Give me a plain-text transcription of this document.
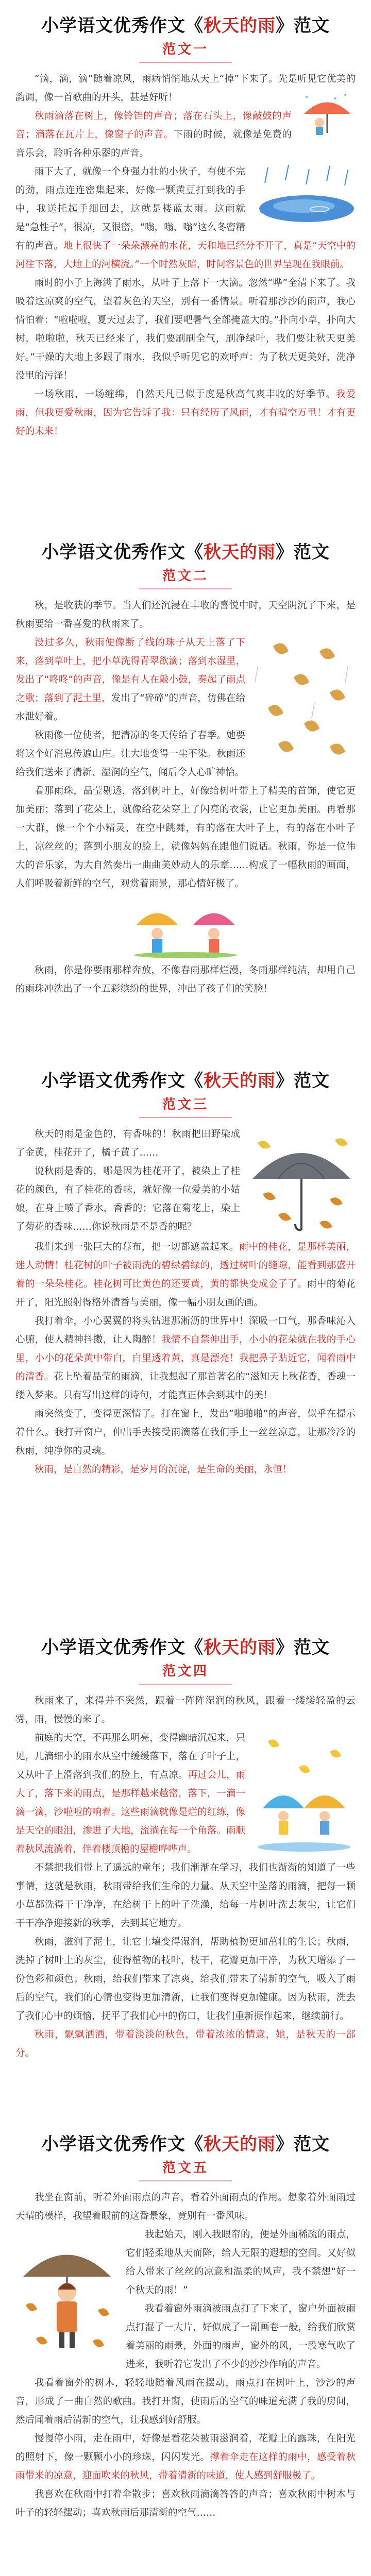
小学语文优秀作文《秋天的雨》范文
范文一
“滴，滴，滴”随着凉风，雨病悄悄地从天上“掉”下来了。先是听见它优美的韵调，像一首歌曲的开头，甚是好听！
秋雨滴落在树上，像铃铛的声音；落在石头上，像敲鼓的声音；滴落在瓦片上，像窗子的声音。下雨的时候，就像是免费的音乐会，聆听各种乐器的声音。
雨下大了，就像一个身强力壮的小伙子，有使不完的劲，雨点连连密集起来，好像一颗黄豆打到我的手中，我送托起手细回去，这就是楼蓝太雨。这雨就是“急性子”，很凉，又很密，“嗡，嗡，嗡”这么冬密精有的声音。地上很快了一朵朵漂亮的水花，天和地已经分不开了，真是“天空中的河往下落，大地上的河横流。”一个时然灰暗，时间容景色的世界呈现在我眼前。
雨时的小子上海满了雨水，从叶子上落下一大滴。忽然“哗”全清下来了。我吸着这凉爽的空气，望着灰色的天空，别有一番情景。听着那沙沙的雨声，我心情怕着：“啦啦啦，夏天过去了，我们要吧暑气全部掩盖大的。”扑向小草，扑向大树，啦啦啦，秋天已经来了，我们要刷刷全气，刷净绿叶，我们要让秋天更美好。”干燥的大地上多跟了雨水，我似乎听见它的欢呼声：为了秋天更美好，洗净没里的污泽！
一场秋雨，一场缠绵，自然天凡已似于度是秋高气爽丰收的好季节。我爱雨，但我更爱秋雨，因为它告诉了我：只有经历了风雨，才有晴空万里！才有更好的未来！
✦
小学语文优秀作文《秋天的雨》范文
范文二
秋，是收获的季节。当人们还沉浸在丰收的喜悦中时，天空阴沉了下来，是秋雨要给一番喜爱的秋雨来了。
没过多久，秋雨便像断了线的珠子从天上落了下来，落到草叶上，把小草洗得青翠欲滴；落到水湿里，发出了“咚咚”的声音，像是有人在敲小鼓，奏起了雨点之歌；落到了泥土里，发出了“碎碎”的声音，仿佛在给水泄好着。
秋雨像一位使者，把清凉的冬天传给了春季。她要将这个好消息传遍山庄。让大地变得一尘不染。秋雨还给我们送来了清新、湿润的空气，闻后令人心旷神怡。
看那雨珠，晶莹剔透，落到树叶上，好像给树叶带上了精美的首饰，使它更加美丽；落到了花朵上，就像给花朵穿上了闪亮的衣裳，让它更加美丽。再看那一大群，像一个个小精灵，在空中跳舞，有的落在大叶子上，有的落在小叶子上，凉丝丝的；落到小朋友的脸上，就像妈妈在跟他们说话。秋雨，你是一位伟大的音乐家，为大自然奏出一曲曲美妙动人的乐章……构成了一幅秋雨的画面，人们呼吸着新鲜的空气，观赏着雨景，那心情好极了。
秋雨，你是你要雨那样奔放，不像春雨那样烂漫，冬雨那样纯洁，却用自己的雨珠冲洗出了一个五彩缤纷的世界，冲出了孩子们的笑脸！
小学语文优秀作文《秋天的雨》范文
范文三
秋天的雨是金色的，有香味的！秋雨把田野染成了金黄，桂花开了，橘子黄了……
说秋雨是香的，哪是因为桂花开了，被染上了桂花的颜色，有了桂花的香味，就好像一位爱美的小姑娘，在身上喷了香水，香香的；它落在菊花上，染上了菊花的香味……你说秋雨是不是香的呢？
我们来到一张巨大的暮布，把一切都遮盖起来。雨中的桂花，是那样美丽，迷人动情！桂花树的叶子被雨洗的碧绿碧绿的，透过树叶的缝隙，能看到那盛开着的一朵朵桂花。桂花树可比黄色的还要黄，黄的都快变成金子了。雨中的菊花开了，阳光照射得格外清香与美丽，像一幅小朋友画的画。
我打着伞，小心翼翼的将头钻进那淅沥的世界中！深吸一口气，那香味沁入心腑，使人精神抖擞，让人陶醉！我情不自禁伸出手，小小的花朵就在我的手心里，小小的花朵黄中带白，白里透着黄，真是漂亮！我把鼻子贴近它，闻着雨中的清香。花上坠着晶莹的雨滴，让我想起了那首著名的“滋知天上秋花香，香魂一缕入梦来。只有写出这样的诗句，才能真正体会到其中的美！
雨突然变了，变得更深情了。打在窗上，发出“啪啪啪”的声音，似乎在提示着什么。我打开窗户，伸出手去接受雨滴落在我们手上一丝丝凉意，让那冷冷的秋雨，纯净你的灵魂。
秋雨，是自然的精彩，是岁月的沉淀，是生命的美丽，永恒！
✦
小学语文优秀作文《秋天的雨》范文
范文四
秋雨来了，来得并不突然，跟着一阵阵湿润的秋风，跟着一缕缕轻盈的云雾，雨，慢慢的来了。
前庭的天空，不再那么明亮，变得幽暗沉起来，只见，几滴细小的雨水从空中缓缓落下，落在了叶子上，又从叶子上滑落到我们的脸上，有点凉。再过会儿，雨大了，落下来的雨点，是那样越来越密，落下，一滴一滴一滴，沙啦啦的响着。这些雨滴就像是烂的红练，像是天空的眼泪，渗进了大地，流淌在每一个角落。雨顺着秋风流淌着，伴着楼顶檐的屋檐哗哗声。
不禁把我们带上了遥远的童年；我们渐渐在学习，我们也渐渐的知道了一些事情，这就是秋雨，秋雨带给我们生命的力量。从天空中坠落的雨滴，把每一颗小草都洗得干干净净，在给树干上的叶子洗澡，给每一片树叶洗去灰尘，让它们干干净净迎接新的秋季，去到其它地方。
秋雨，滋润了泥土，让它土壤变得湿润，帮助植物更加茁壮的生长；秋雨，洗掉了树叶上的灰尘，使得植物的枝叶，枝干，花瓣更加干净，为秋天增添了一份色彩和颜色；秋雨，给我们带来了凉爽，给我们带来了清新的空气，吸入了雨后的空气，我们的心情也变得更加清新，让我们变得更加健康。因为秋雨，洗去了我们心中的烦恼，抚平了我们心中的伤口，让我们重新振作起来，继续前行。
秋雨，飘飘洒洒，带着淡淡的秋色，带着浓浓的情意，她，是秋天的一部分。
小学语文优秀作文《秋天的雨》范文
范文五
我坐在窗前，听着外面雨点的声音，看着外面雨点的作用。想象着外面雨过天晴的模样，我望着眼前的这番景象，竟别有一番风味。
我起始天，刚入我眼帘的，便是外面稀疏的雨点，它们轻柔地从天而降，给人无限的遐想的空间。又好似给人带来了丝丝的凉意和温柔的风声，我不禁想“好一个秋天的雨！”
我看着窗外雨滴被雨点打了下来了，窗户外面被雨点打湿了一大片，好似成了一副画卷一般，给我们欣赏着美丽的雨景，外面的雨声，窗外的风，一股寒气吹了进来，我听着它发出了不少的沙沙作响的声音。
我看着窗外的树木，轻轻地随着风雨在摆动，雨点打在树叶上，沙沙的声音，形成了一曲自然的歌曲。我打开窗，使雨后的空气的味道充满了我的房间，然后闻着雨后清新的空气，让我感到好舒服。
慢慢停小雨，走在雨中，好像是看花朵被雨滋润着，花瓣上的露珠，在阳光的照射下，像一颗颗小小的珍珠，闪闪发光。撑着伞走在这样的雨中，感受着秋雨带来的凉意，迎面吹来的秋风，带着清新的味道，使人感到舒服极了。
我喜欢在秋雨中打着伞散步；喜欢秋雨滴滴答答的声音；喜欢秋雨中树木与叶子的轻轻摆动；喜欢秋雨后那清新的空气……
